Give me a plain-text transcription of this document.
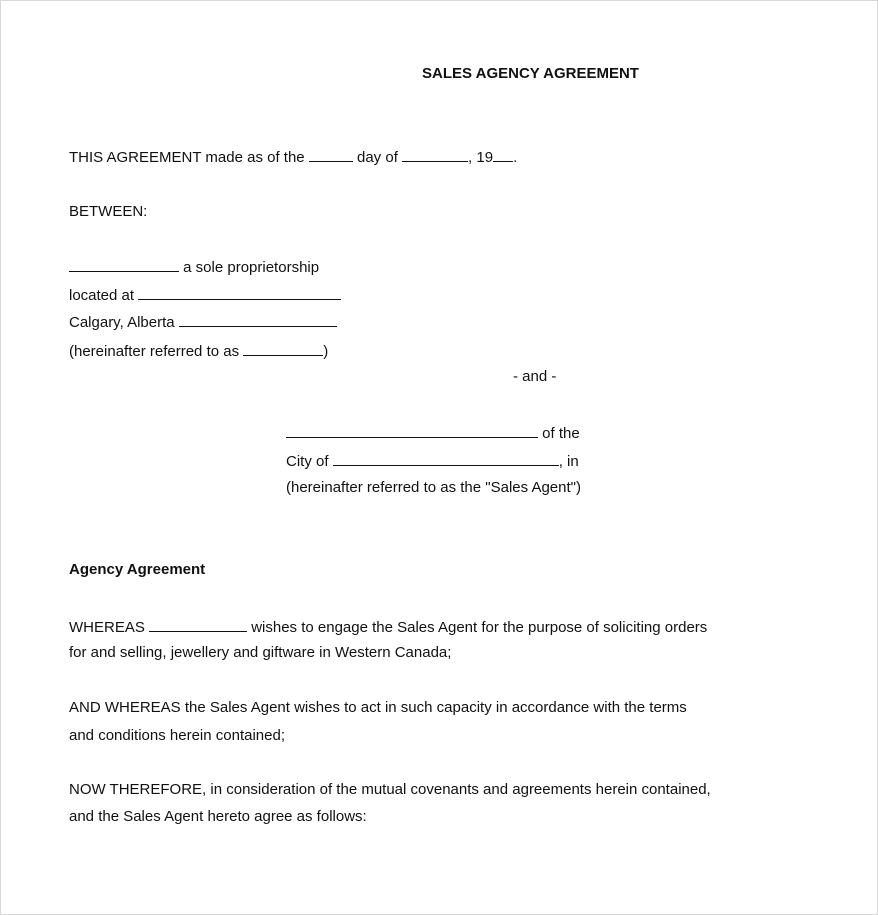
SALES AGENCY AGREEMENT
THIS AGREEMENT made as of the	day of	, 19 .
BETWEEN:
a sole proprietorship
located at
Calgary, Alberta
(hereinafter referred to as	)
- and -
of the
City of	, in
(hereinafter referred to as the "Sales Agent")
Agency Agreement
WHEREAS	wishes to engage the Sales Agent for the purpose of soliciting orders
for and selling, jewellery and giftware in Western Canada;
AND WHEREAS the Sales Agent wishes to act in such capacity in accordance with the terms
and conditions herein contained;
NOW THEREFORE, in consideration of the mutual covenants and agreements herein contained,
and the Sales Agent hereto agree as follows:
